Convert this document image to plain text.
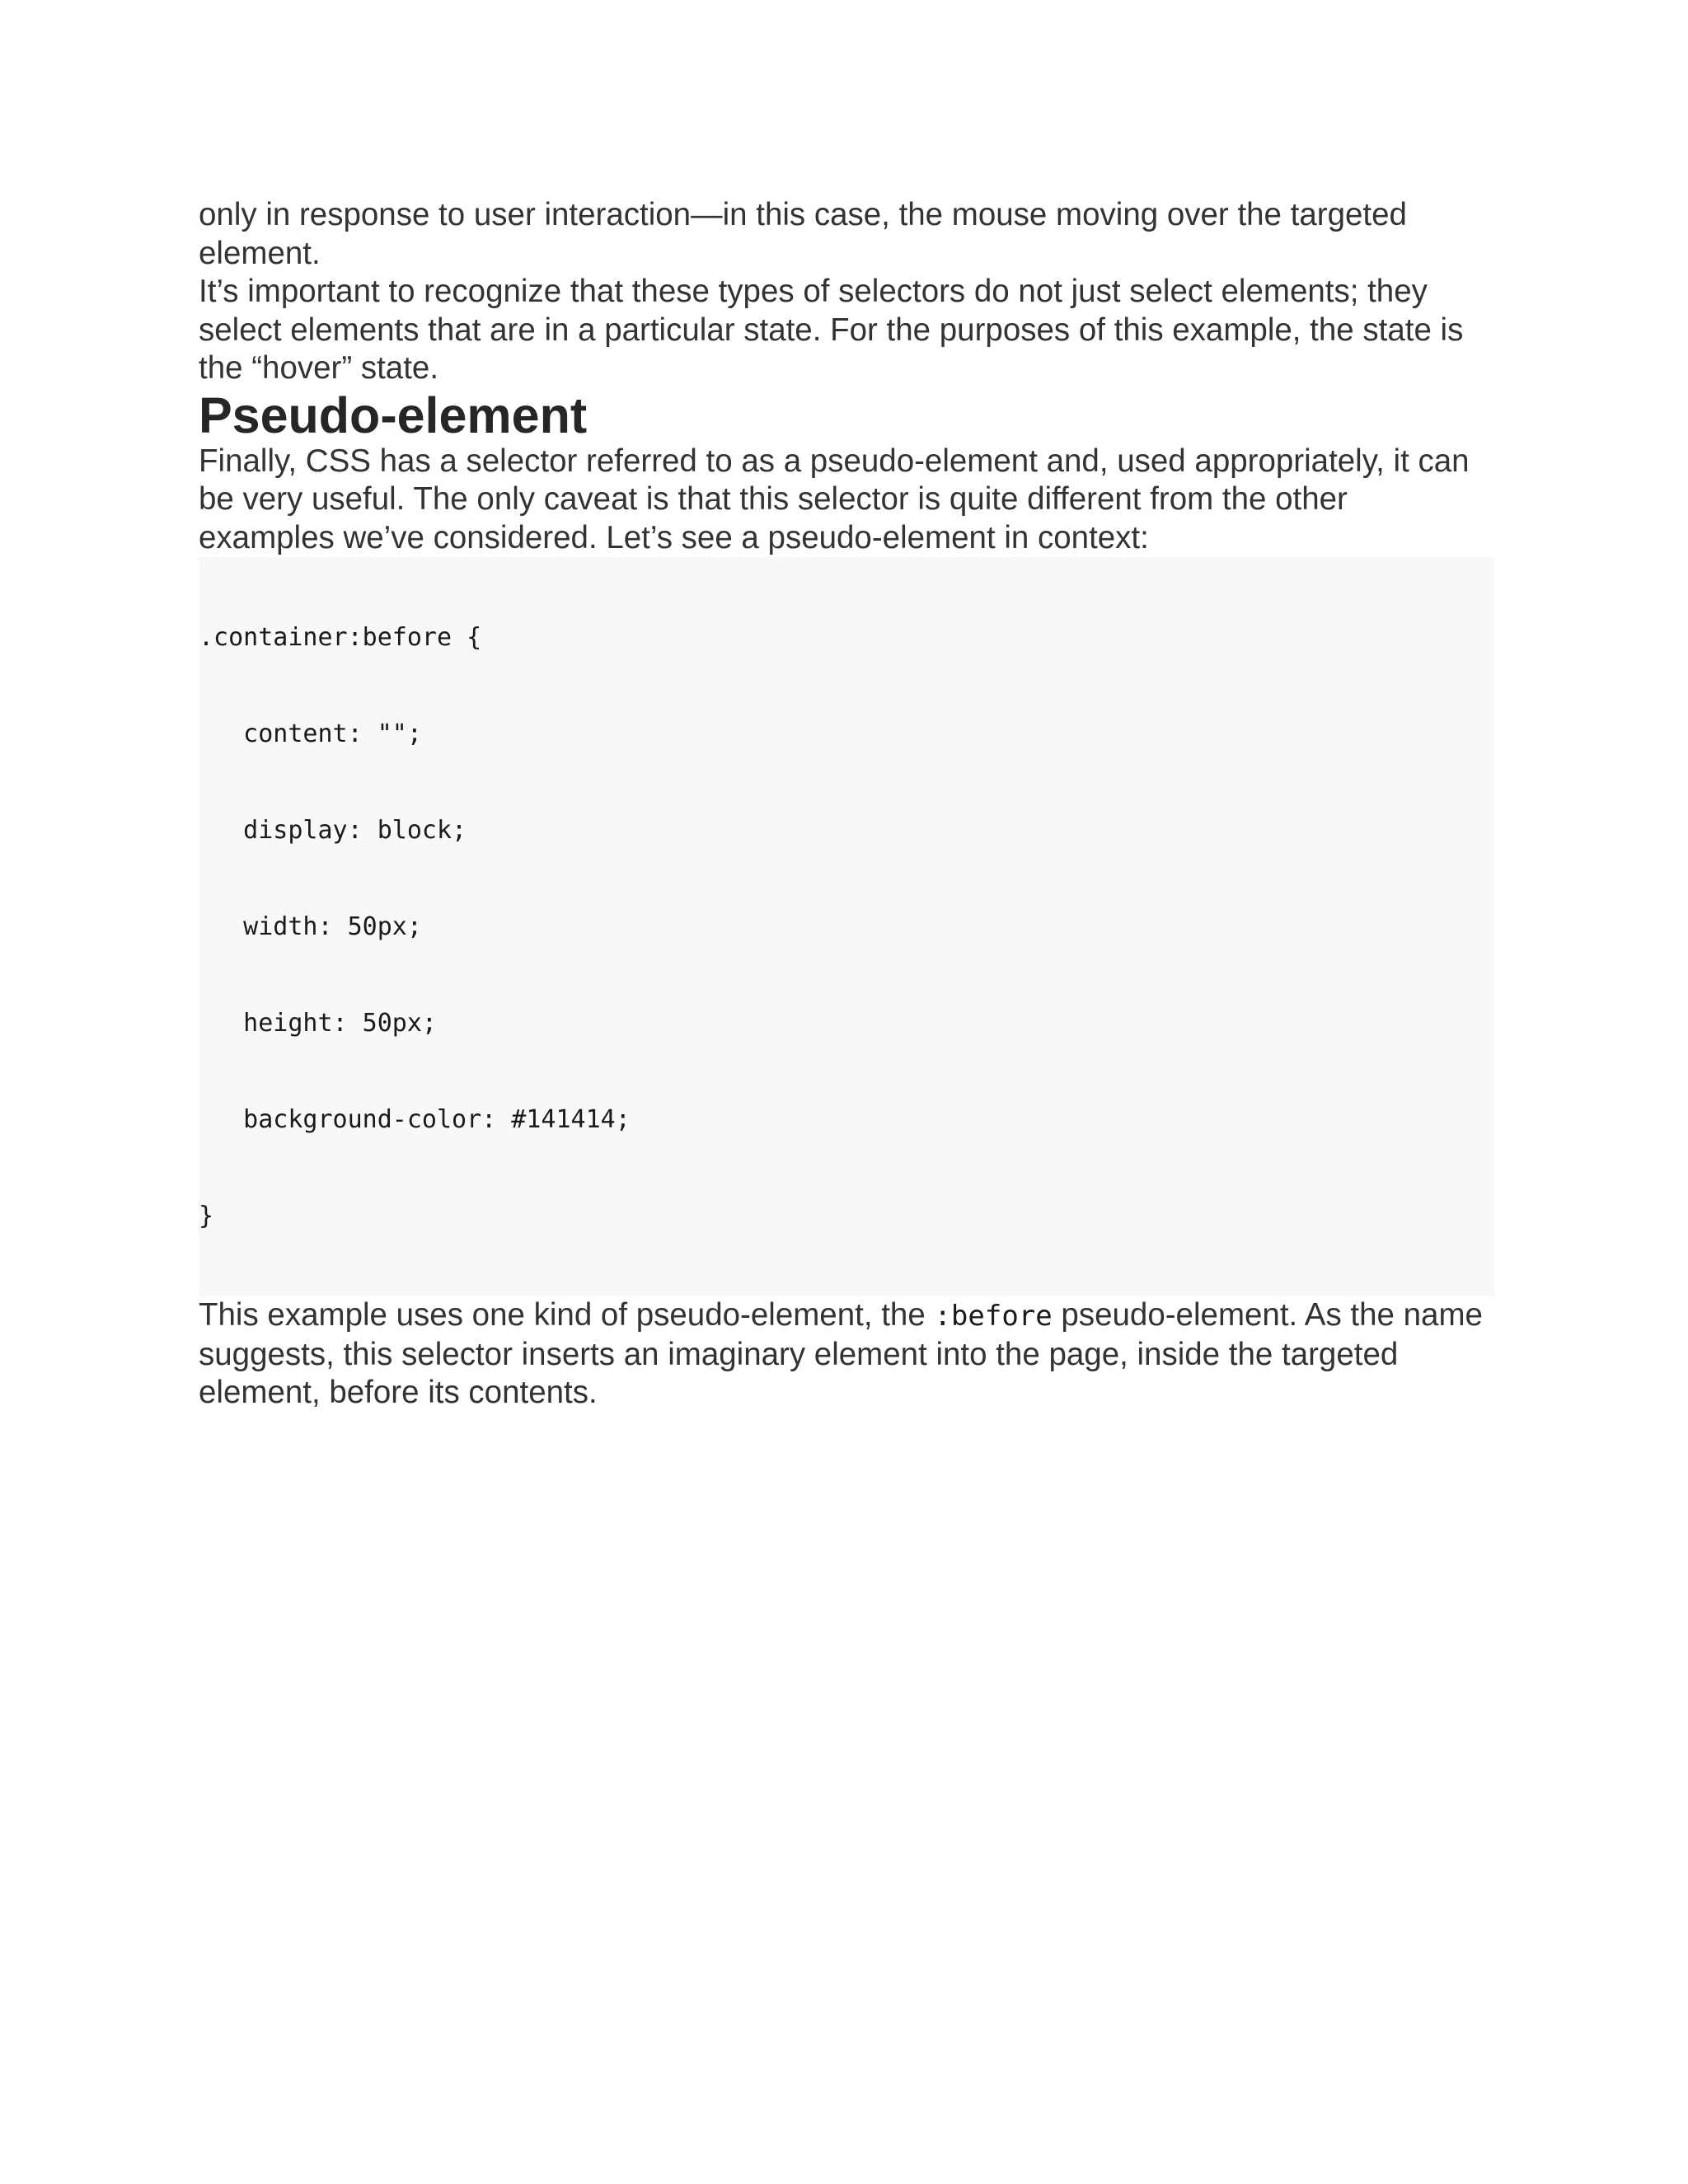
only in response to user interaction—in this case, the mouse moving over the targeted element.

It’s important to recognize that these types of selectors do not just select elements; they select elements that are in a particular state. For the purposes of this example, the state is the “hover” state.

Pseudo-element

Finally, CSS has a selector referred to as a pseudo-element and, used appropriately, it can be very useful. The only caveat is that this selector is quite different from the other examples we’ve considered. Let’s see a pseudo-element in context:

.container:before {

content: "";

display: block;

width: 50px;

height: 50px;

background-color: #141414;

}

This example uses one kind of pseudo-element, the :before pseudo-element. As the name suggests, this selector inserts an imaginary element into the page, inside the targeted element, before its contents.
